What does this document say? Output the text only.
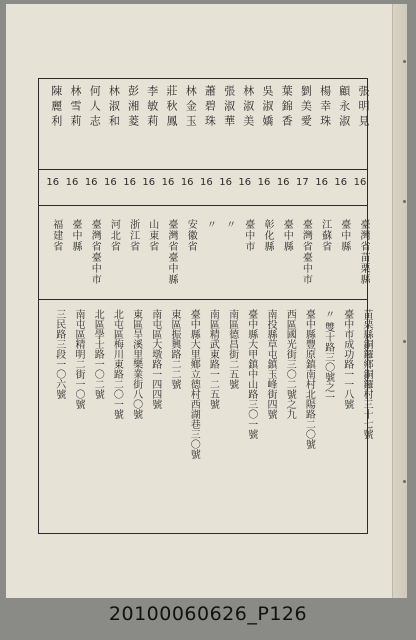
張明見
16
臺灣省苗栗縣
苗栗縣銅鑼鄉銅鑼村三十七號
顧永淑
16
臺中縣
臺中市成功路一一八號
楊幸珠
16
江蘇省
〃 雙十路三〇號之一
劉美愛
17
臺灣省臺中市
臺中縣豐原鎮南村北陽路二〇號
葉錦香
16
臺中縣
西區國光街三〇二號之九
吳淑嬌
16
彰化縣
南投縣草屯鎮玉峰街四號
林淑美
16
臺中市
臺中縣大甲鎮中山路三〇一號
張淑華
16
〃
南區德昌街二五號
蕭碧珠
16
〃
南區精武東路一二五號
林金玉
16
安徽省
臺中縣大里鄉立德村西湖巷三〇號
莊秋鳳
16
臺灣省臺中縣
東區振興路二二號
李敏莉
16
山東省
南屯區大墩路一四四號
彭湘菱
16
浙江省
東區旱溪里樂業街八〇號
林淑和
16
河北省
北屯區梅川東路二〇一號
何人志
16
臺灣省臺中市
北區學士路一〇二號
林雪莉
16
臺中縣
南屯區精明二街一〇號
陳麗利
16
福建省
三民路三段一〇六號
20100060626_P126
